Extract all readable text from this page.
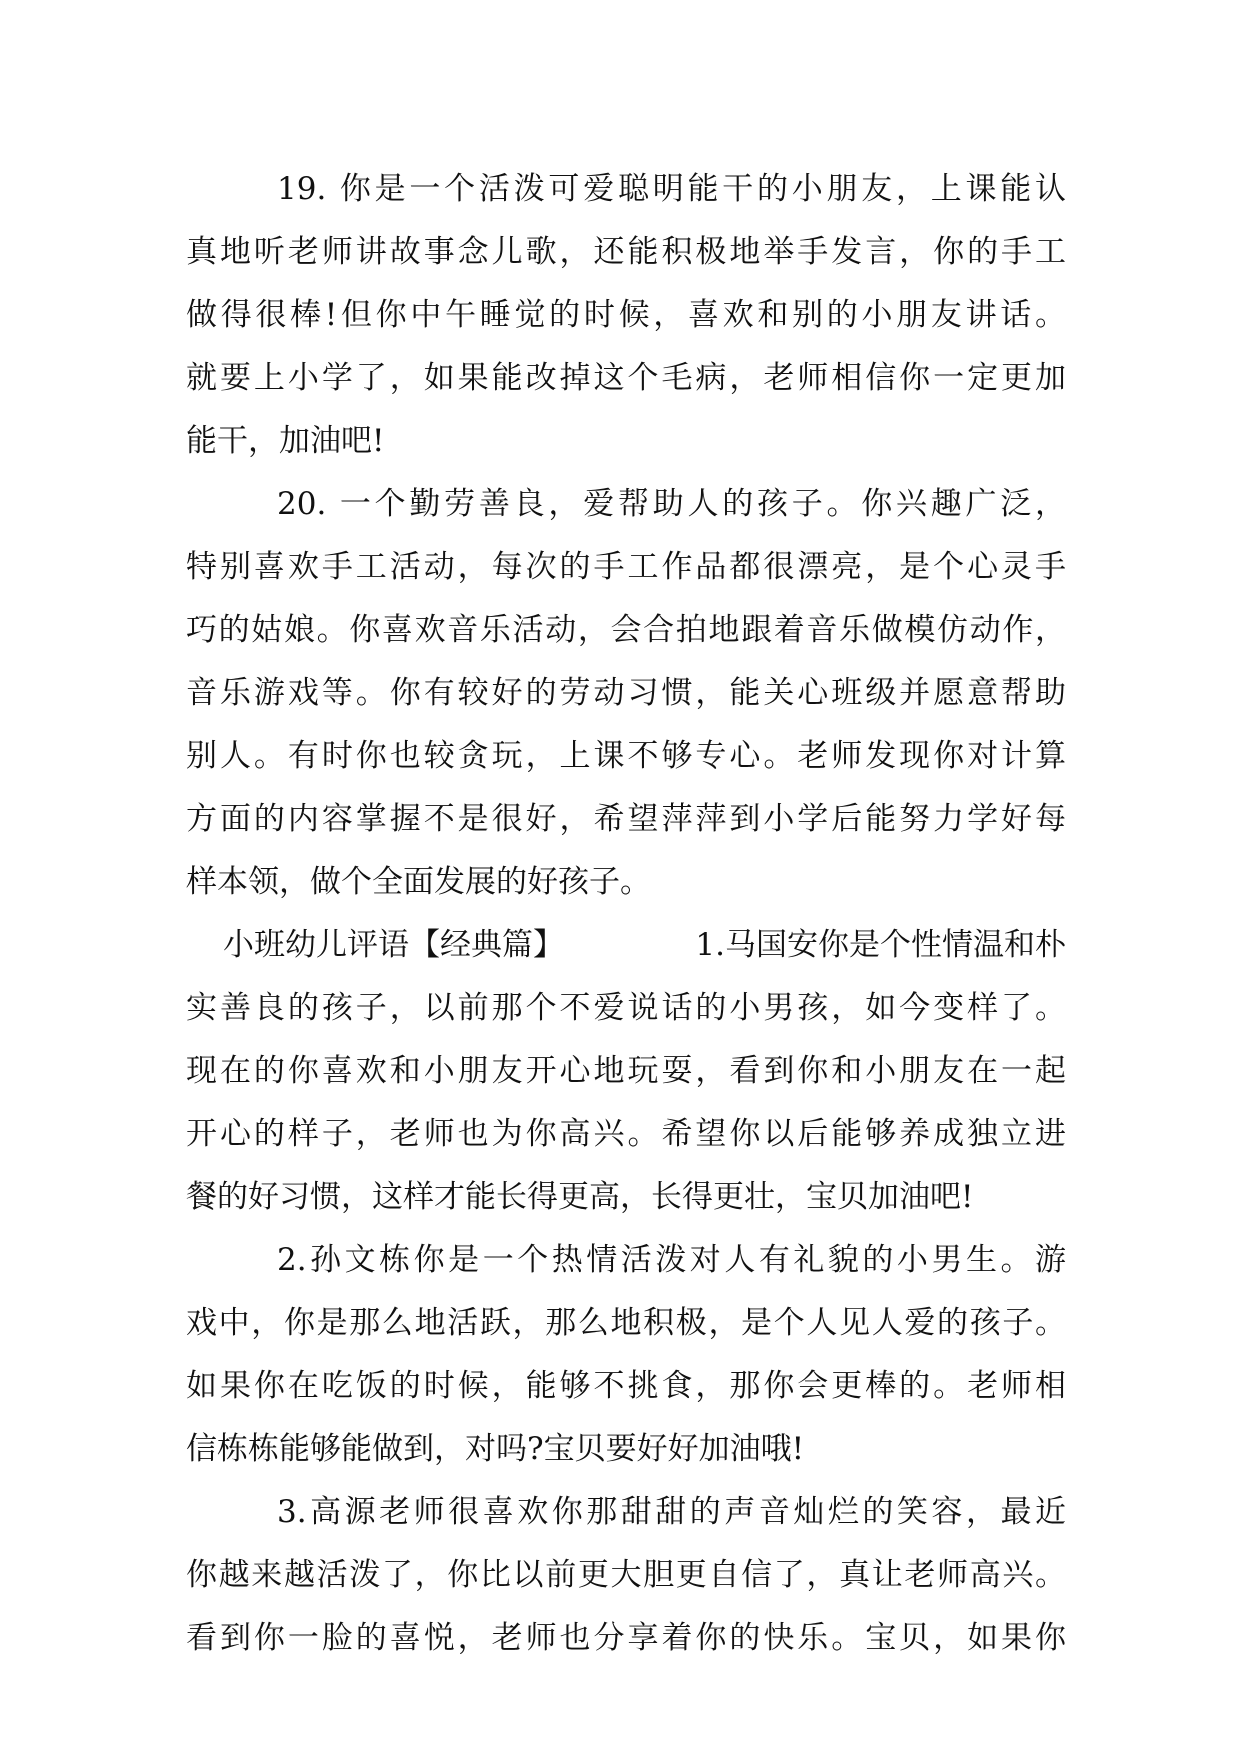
19. 你是一个活泼可爱聪明能干的小朋友，上课能认
真地听老师讲故事念儿歌，还能积极地举手发言，你的手工
做得很棒!但你中午睡觉的时候，喜欢和别的小朋友讲话。
就要上小学了，如果能改掉这个毛病，老师相信你一定更加
能干，加油吧!
20. 一个勤劳善良，爱帮助人的孩子。你兴趣广泛，
特别喜欢手工活动，每次的手工作品都很漂亮，是个心灵手
巧的姑娘。你喜欢音乐活动，会合拍地跟着音乐做模仿动作，
音乐游戏等。你有较好的劳动习惯，能关心班级并愿意帮助
别人。有时你也较贪玩，上课不够专心。老师发现你对计算
方面的内容掌握不是很好，希望萍萍到小学后能努力学好每
样本领，做个全面发展的好孩子。
小班幼儿评语【经典篇】	1.马国安你是个性情温和朴
实善良的孩子，以前那个不爱说话的小男孩，如今变样了。
现在的你喜欢和小朋友开心地玩耍，看到你和小朋友在一起
开心的样子，老师也为你高兴。希望你以后能够养成独立进
餐的好习惯，这样才能长得更高，长得更壮，宝贝加油吧!
2.孙文栋你是一个热情活泼对人有礼貌的小男生。游
戏中，你是那么地活跃，那么地积极，是个人见人爱的孩子。
如果你在吃饭的时候，能够不挑食，那你会更棒的。老师相
信栋栋能够能做到，对吗?宝贝要好好加油哦!
3.高源老师很喜欢你那甜甜的声音灿烂的笑容，最近
你越来越活泼了，你比以前更大胆更自信了，真让老师高兴。
看到你一脸的喜悦，老师也分享着你的快乐。宝贝，如果你
